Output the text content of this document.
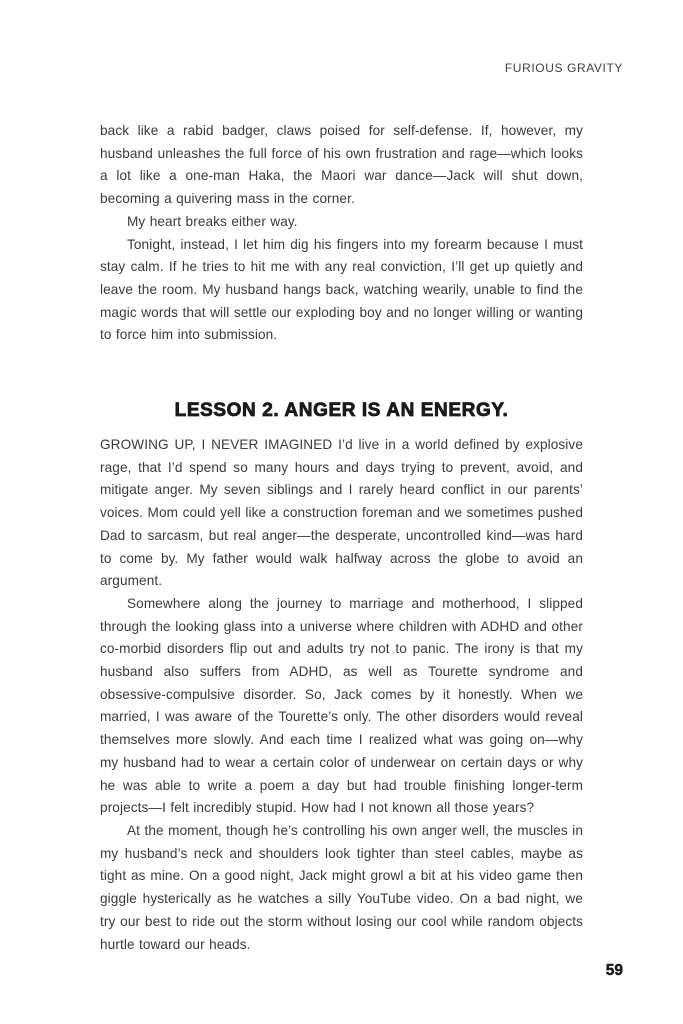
FURIOUS GRAVITY

back like a rabid badger, claws poised for self-defense. If, however, my husband unleashes the full force of his own frustration and rage—which looks a lot like a one-man Haka, the Maori war dance—Jack will shut down, becoming a quivering mass in the corner.

My heart breaks either way.

Tonight, instead, I let him dig his fingers into my forearm because I must stay calm. If he tries to hit me with any real conviction, I’ll get up quietly and leave the room. My husband hangs back, watching wearily, unable to find the magic words that will settle our exploding boy and no longer willing or wanting to force him into submission.

LESSON 2. ANGER IS AN ENERGY.

GROWING UP, I NEVER IMAGINED I’d live in a world defined by explosive rage, that I’d spend so many hours and days trying to prevent, avoid, and mitigate anger. My seven siblings and I rarely heard conflict in our parents’ voices. Mom could yell like a construction foreman and we sometimes pushed Dad to sarcasm, but real anger—the desperate, uncontrolled kind—was hard to come by. My father would walk halfway across the globe to avoid an argument.

Somewhere along the journey to marriage and motherhood, I slipped through the looking glass into a universe where children with ADHD and other co-morbid disorders flip out and adults try not to panic. The irony is that my husband also suffers from ADHD, as well as Tourette syndrome and obsessive-compulsive disorder. So, Jack comes by it honestly. When we married, I was aware of the Tourette’s only. The other disorders would reveal themselves more slowly. And each time I realized what was going on—why my husband had to wear a certain color of underwear on certain days or why he was able to write a poem a day but had trouble finishing longer-term projects—I felt incredibly stupid. How had I not known all those years?

At the moment, though he’s controlling his own anger well, the muscles in my husband’s neck and shoulders look tighter than steel cables, maybe as tight as mine. On a good night, Jack might growl a bit at his video game then giggle hysterically as he watches a silly YouTube video. On a bad night, we try our best to ride out the storm without losing our cool while random objects hurtle toward our heads.

59
